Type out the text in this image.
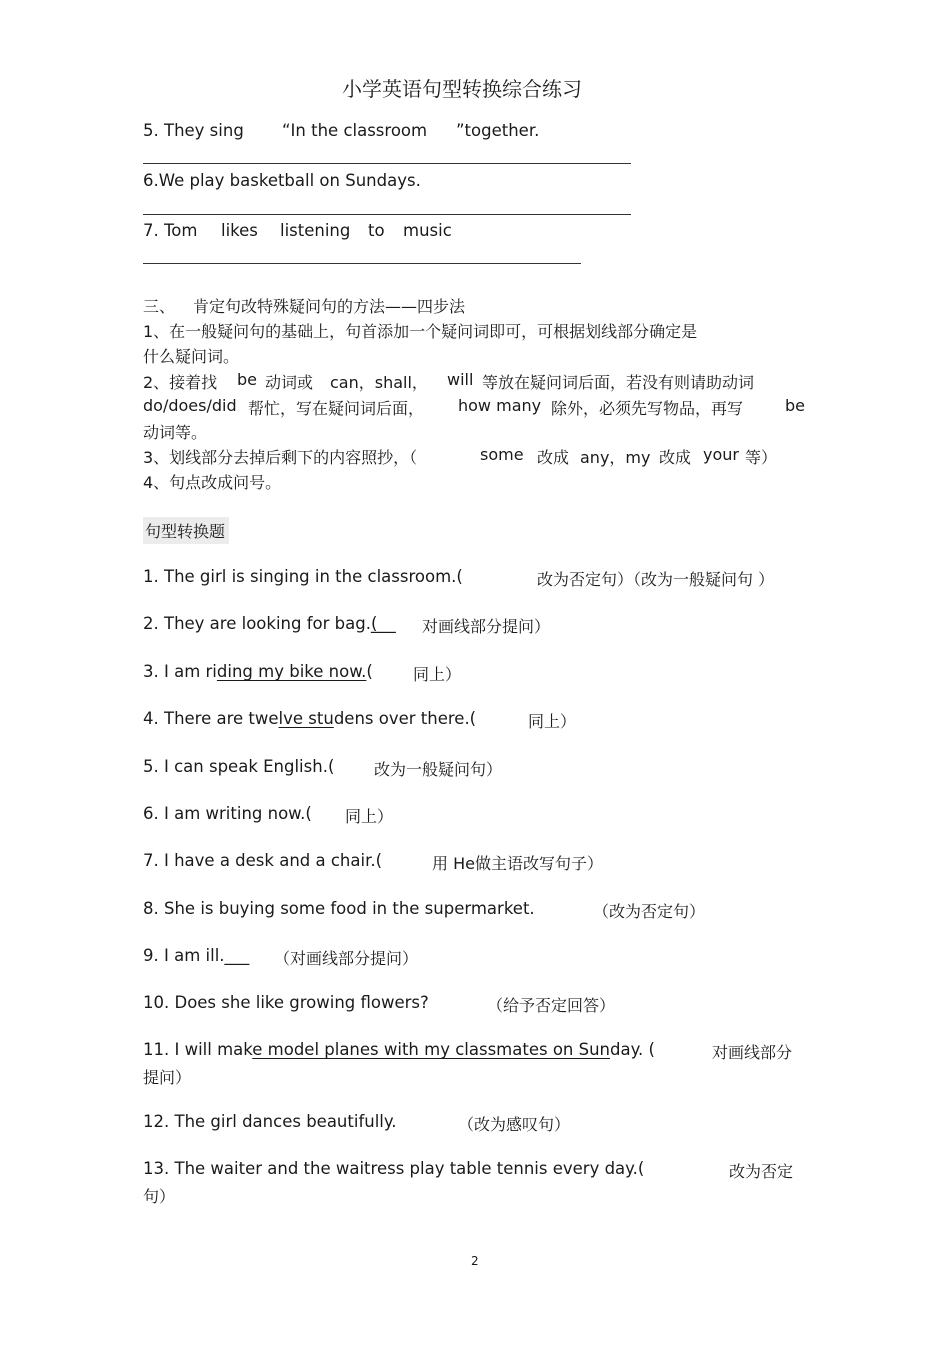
小学英语句型转换综合练习
5. They sing “In the classroom ”together.
6.We play basketball on Sundays.
7. Tom likes listening to music
三、 肯定句改特殊疑问句的方法——四步法
1、在一般疑问句的基础上，句首添加一个疑问词即可，可根据划线部分确定是
什么疑问词。
2、接着找 be 动词或 can，shall， will 等放在疑问词后面，若没有则请助动词
do/does/did 帮忙，写在疑问词后面， how many 除外，必须先写物品，再写	be
动词等。
3、划线部分去掉后剩下的内容照抄，（	some 改成 any，my 改成 your 等）
4、句点改成问号。
句型转换题
1. The girl is singing in the classroom.(	改为否定句）（改为一般疑问句 ）
2. They are looking for bag.(
___ 对画线部分提问）
3. I am riding my bike now.(	同上）
4. There are twelve studens over there.(	同上）
5. I can speak English.( 改为一般疑问句）
6. I am writing now.( 同上）
7. I have a desk and a chair.(	用 He做主语改写句子）
8. She is buying some food in the supermarket.	（改为否定句）
9. I am ill.___ （对画线部分提问）
10. Does she like growing flowers?	（给予否定回答）
11. I will make model planes with my classmates on Sunday. (	对画线部分
提问）
12. The girl dances beautifully.	（改为感叹句）
13. The waiter and the waitress play table tennis every day.(	改为否定
句）
2
